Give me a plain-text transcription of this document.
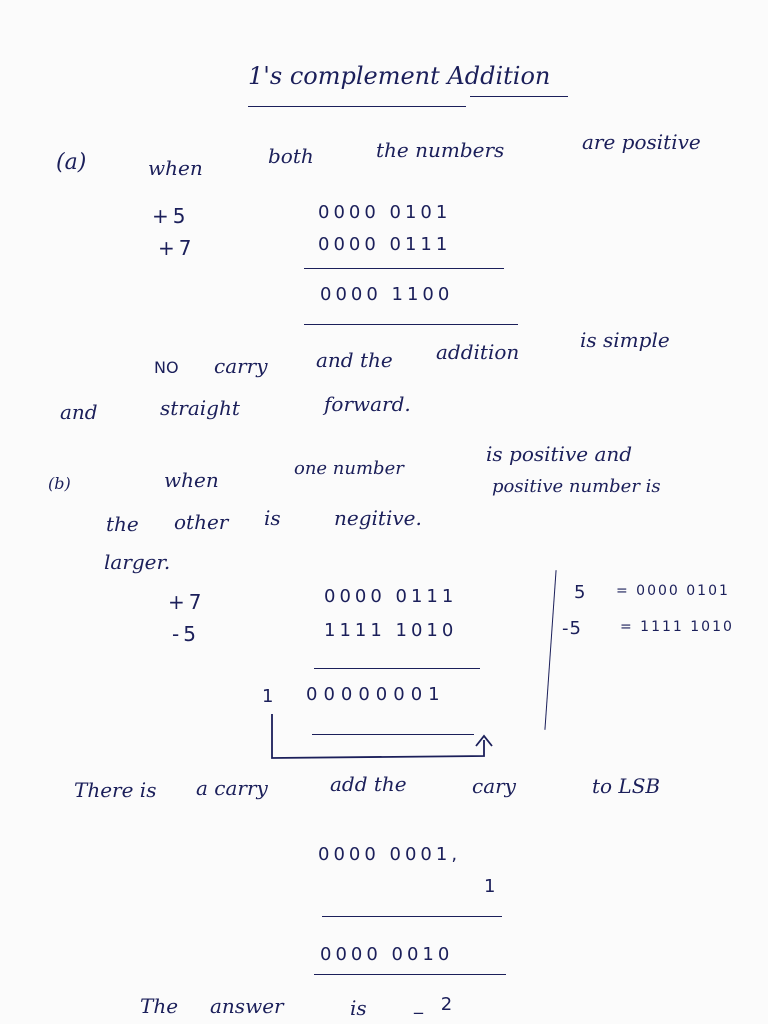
1's complement Addition
(a)	when	both	the numbers	are positive
+5
+7
0000 0101
0000 0111
0000 1100
NO carry and the addition	is simple
and	straight	forward.
(b)	when	one number
is positive and
the other is	negitive.
positive number is
larger.
+7
-5
0000 0111
1111 1010
1 00000001
5 = 0000 0101
-5	= 1111 1010
There is a carry	add the	cary	to LSB
0000 0001,
1
0000 0010
The answer	is	_ 2
